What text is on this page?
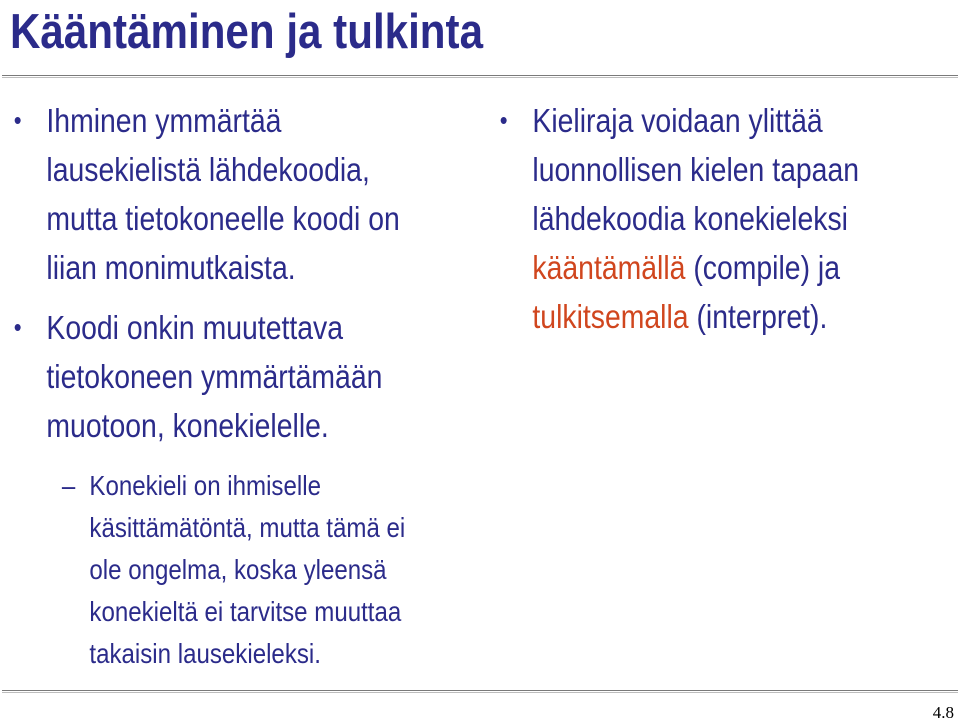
Kääntäminen ja tulkinta
• Ihminen ymmärtää

lausekielistä lähdekoodia,

mutta tietokoneelle koodi on

liian monimutkaista.

• Koodi onkin muutettava

tietokoneen ymmärtämään

muotoon, konekielelle.

– Konekieli on ihmiselle

käsittämätöntä, mutta tämä ei

ole ongelma, koska yleensä

konekieltä ei tarvitse muuttaa

takaisin lausekieleksi.

• Kieliraja voidaan ylittää

luonnollisen kielen tapaan

lähdekoodia konekieleksi

kääntämällä (compile) ja

tulkitsemalla (interpret).

4.8
